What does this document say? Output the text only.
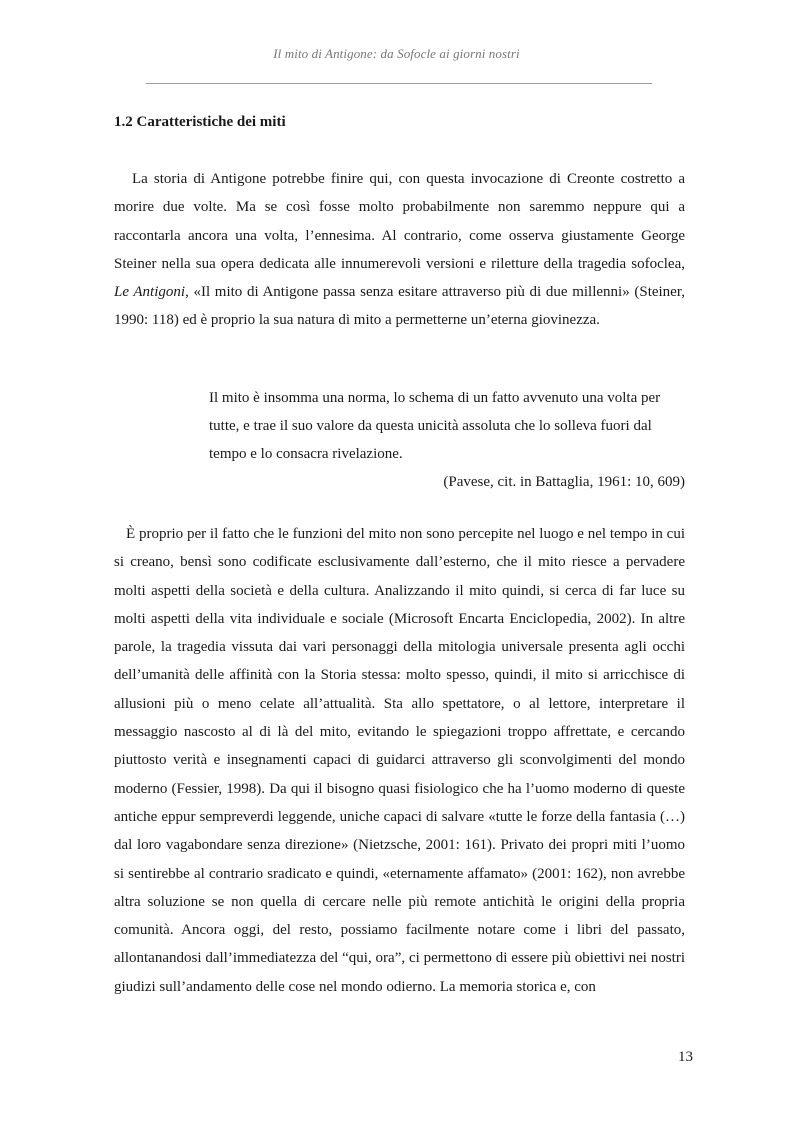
Il mito di Antigone: da Sofocle ai giorni nostri
1.2 Caratteristiche dei miti

La storia di Antigone potrebbe finire qui, con questa invocazione di Creonte costretto a morire due volte. Ma se così fosse molto probabilmente non saremmo neppure qui a raccontarla ancora una volta, l’ennesima. Al contrario, come osserva giustamente George Steiner nella sua opera dedicata alle innumerevoli versioni e riletture della tragedia sofoclea, Le Antigoni, «Il mito di Antigone passa senza esitare attraverso più di due millenni» (Steiner, 1990: 118) ed è proprio la sua natura di mito a permetterne un’eterna giovinezza.

Il mito è insomma una norma, lo schema di un fatto avvenuto una volta per tutte, e trae il suo valore da questa unicità assoluta che lo solleva fuori dal tempo e lo consacra rivelazione.

(Pavese, cit. in Battaglia, 1961: 10, 609)

È proprio per il fatto che le funzioni del mito non sono percepite nel luogo e nel tempo in cui si creano, bensì sono codificate esclusivamente dall’esterno, che il mito riesce a pervadere molti aspetti della società e della cultura. Analizzando il mito quindi, si cerca di far luce su molti aspetti della vita individuale e sociale (Microsoft Encarta Enciclopedia, 2002). In altre parole, la tragedia vissuta dai vari personaggi della mitologia universale presenta agli occhi dell’umanità delle affinità con la Storia stessa: molto spesso, quindi, il mito si arricchisce di allusioni più o meno celate all’attualità. Sta allo spettatore, o al lettore, interpretare il messaggio nascosto al di là del mito, evitando le spiegazioni troppo affrettate, e cercando piuttosto verità e insegnamenti capaci di guidarci attraverso gli sconvolgimenti del mondo moderno (Fessier, 1998). Da qui il bisogno quasi fisiologico che ha l’uomo moderno di queste antiche eppur sempreverdi leggende, uniche capaci di salvare «tutte le forze della fantasia (…) dal loro vagabondare senza direzione» (Nietzsche, 2001: 161). Privato dei propri miti l’uomo si sentirebbe al contrario sradicato e quindi, «eternamente affamato» (2001: 162), non avrebbe altra soluzione se non quella di cercare nelle più remote antichità le origini della propria comunità. Ancora oggi, del resto, possiamo facilmente notare come i libri del passato, allontanandosi dall’immediatezza del “qui, ora”, ci permettono di essere più obiettivi nei nostri giudizi sull’andamento delle cose nel mondo odierno. La memoria storica e, con

13
